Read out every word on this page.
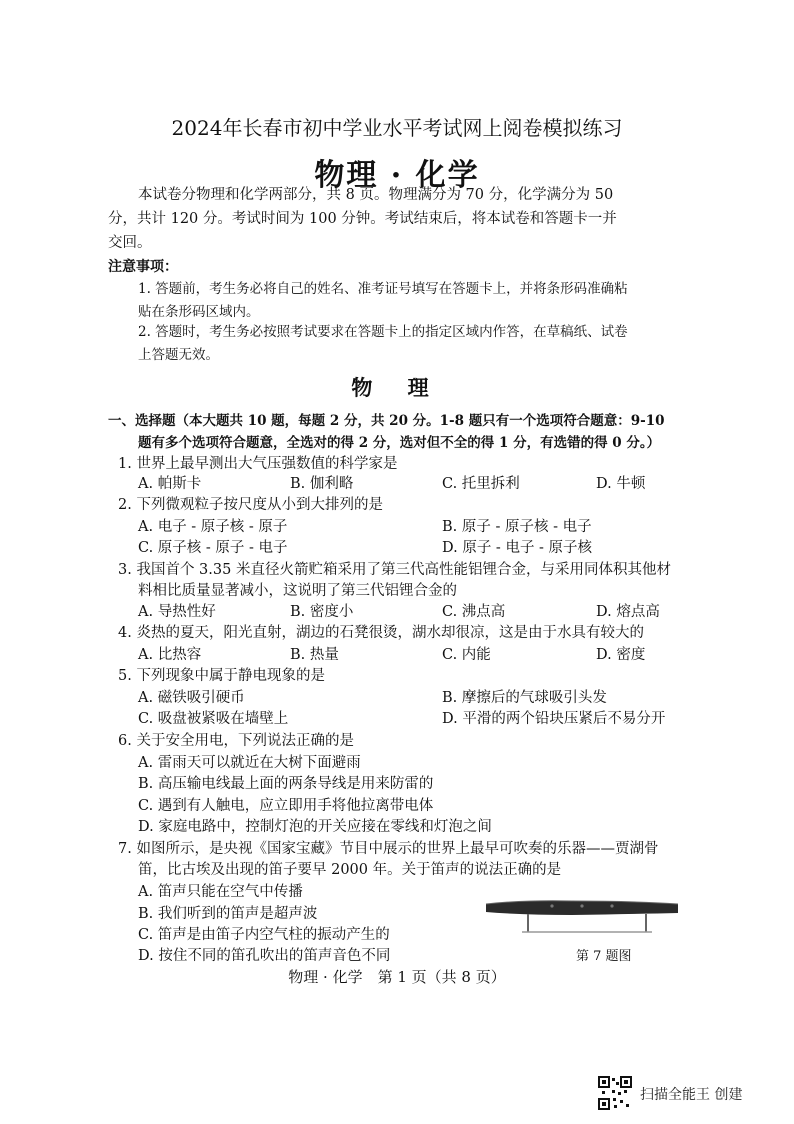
2024年长春市初中学业水平考试网上阅卷模拟练习
物理 · 化学
本试卷分物理和化学两部分，共 8 页。物理满分为 70 分，化学满分为 50
分，共计 120 分。考试时间为 100 分钟。考试结束后，将本试卷和答题卡一并
交回。
注意事项：
1. 答题前，考生务必将自己的姓名、准考证号填写在答题卡上，并将条形码准确粘
贴在条形码区域内。
2. 答题时，考生务必按照考试要求在答题卡上的指定区域内作答，在草稿纸、试卷
上答题无效。
物 理
一、选择题（本大题共 10 题，每题 2 分，共 20 分。1-8 题只有一个选项符合题意：9-10
题有多个选项符合题意，全选对的得 2 分，选对但不全的得 1 分，有选错的得 0 分。）
1. 世界上最早测出大气压强数值的科学家是
A. 帕斯卡	B. 伽利略	C. 托里拆利	D. 牛顿
2. 下列微观粒子按尺度从小到大排列的是
A. 电子 - 原子核 - 原子	B. 原子 - 原子核 - 电子
C. 原子核 - 原子 - 电子	D. 原子 - 电子 - 原子核
3. 我国首个 3.35 米直径火箭贮箱采用了第三代高性能铝锂合金，与采用同体积其他材
料相比质量显著减小，这说明了第三代铝锂合金的
A. 导热性好	B. 密度小	C. 沸点高	D. 熔点高
4. 炎热的夏天，阳光直射，湖边的石凳很烫，湖水却很凉，这是由于水具有较大的
A. 比热容	B. 热量	C. 内能	D. 密度
5. 下列现象中属于静电现象的是
A. 磁铁吸引硬币	B. 摩擦后的气球吸引头发
C. 吸盘被紧吸在墙壁上	D. 平滑的两个铅块压紧后不易分开
6. 关于安全用电，下列说法正确的是
A. 雷雨天可以就近在大树下面避雨
B. 高压输电线最上面的两条导线是用来防雷的
C. 遇到有人触电，应立即用手将他拉离带电体
D. 家庭电路中，控制灯泡的开关应接在零线和灯泡之间
7. 如图所示，是央视《国家宝藏》节目中展示的世界上最早可吹奏的乐器——贾湖骨
笛，比古埃及出现的笛子要早 2000 年。关于笛声的说法正确的是
A. 笛声只能在空气中传播
B. 我们听到的笛声是超声波
C. 笛声是由笛子内空气柱的振动产生的
D. 按住不同的笛孔吹出的笛声音色不同	第 7 题图
物理 · 化学　第 1 页（共 8 页）
扫描全能王 创建
